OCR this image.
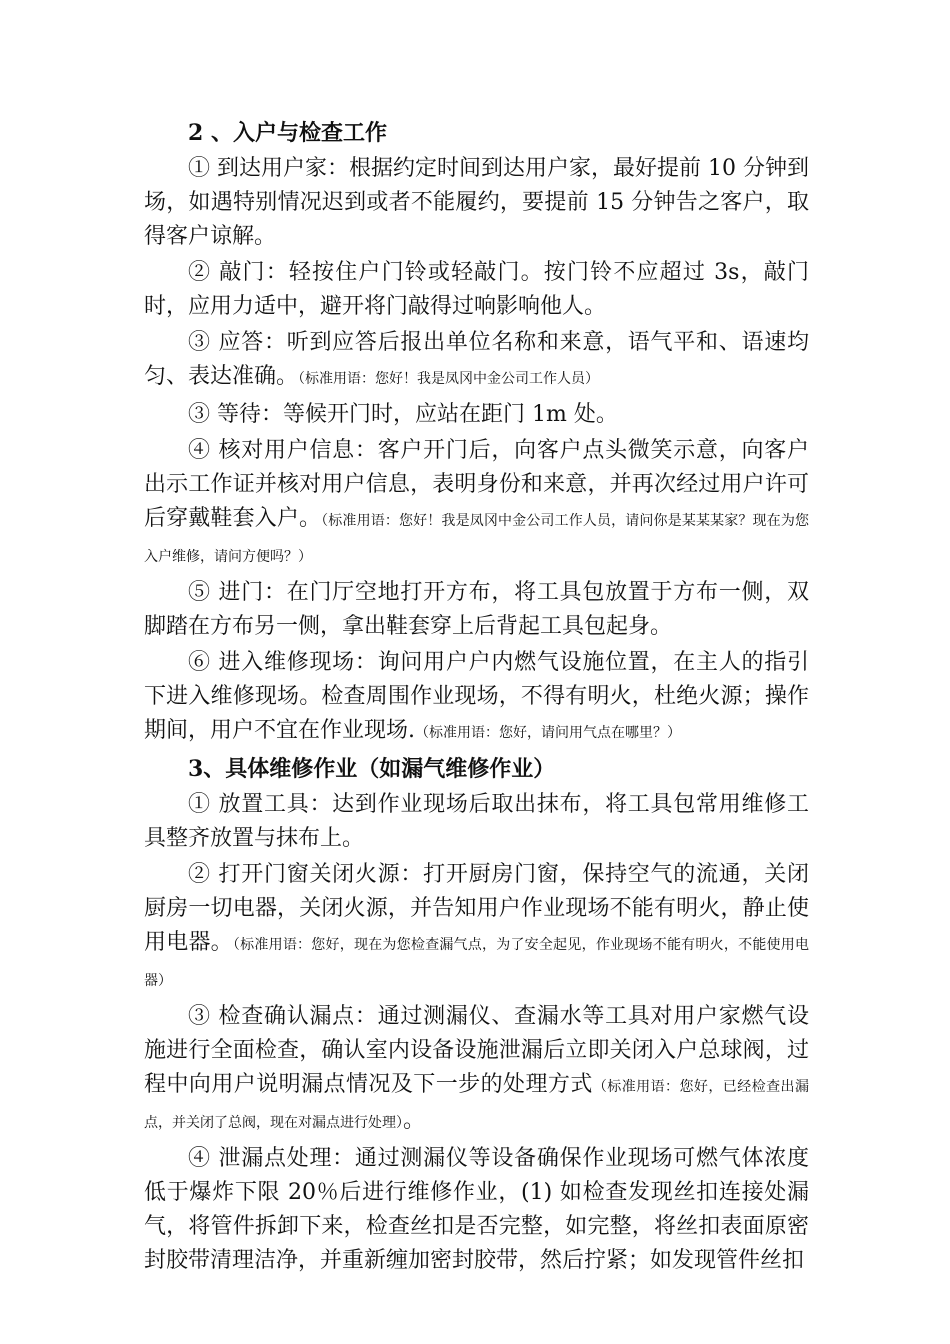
2 、入户与检查工作

① 到达用户家：根据约定时间到达用户家，最好提前 10 分钟到场，如遇特别情况迟到或者不能履约，要提前 15 分钟告之客户，取得客户谅解。

② 敲门：轻按住户门铃或轻敲门。按门铃不应超过 3s，敲门时，应用力适中，避开将门敲得过响影响他人。

③ 应答：听到应答后报出单位名称和来意，语气平和、语速均匀、表达准确。（标准用语：您好！我是凤冈中金公司工作人员）

③ 等待：等候开门时，应站在距门 1m 处。

④ 核对用户信息：客户开门后，向客户点头微笑示意，向客户出示工作证并核对用户信息，表明身份和来意，并再次经过用户许可后穿戴鞋套入户。（标准用语：您好！我是凤冈中金公司工作人员，请问你是某某某家？现在为您入户维修，请问方便吗？）

⑤ 进门：在门厅空地打开方布，将工具包放置于方布一侧，双脚踏在方布另一侧，拿出鞋套穿上后背起工具包起身。

⑥ 进入维修现场：询问用户户内燃气设施位置，在主人的指引下进入维修现场。检查周围作业现场，不得有明火，杜绝火源；操作期间，用户不宜在作业现场.（标准用语：您好，请问用气点在哪里？）

3、具体维修作业（如漏气维修作业）

① 放置工具：达到作业现场后取出抹布，将工具包常用维修工具整齐放置与抹布上。

② 打开门窗关闭火源：打开厨房门窗，保持空气的流通，关闭厨房一切电器，关闭火源，并告知用户作业现场不能有明火，静止使用电器。（标准用语：您好，现在为您检查漏气点，为了安全起见，作业现场不能有明火，不能使用电器）

③ 检查确认漏点：通过测漏仪、查漏水等工具对用户家燃气设施进行全面检查，确认室内设备设施泄漏后立即关闭入户总球阀，过程中向用户说明漏点情况及下一步的处理方式（标准用语：您好，已经检查出漏点，并关闭了总阀，现在对漏点进行处理）。

④ 泄漏点处理：通过测漏仪等设备确保作业现场可燃气体浓度低于爆炸下限 20％后进行维修作业，(1) 如检查发现丝扣连接处漏气，将管件拆卸下来，检查丝扣是否完整，如完整，将丝扣表面原密封胶带清理洁净，并重新缠加密封胶带，然后拧紧；如发现管件丝扣
